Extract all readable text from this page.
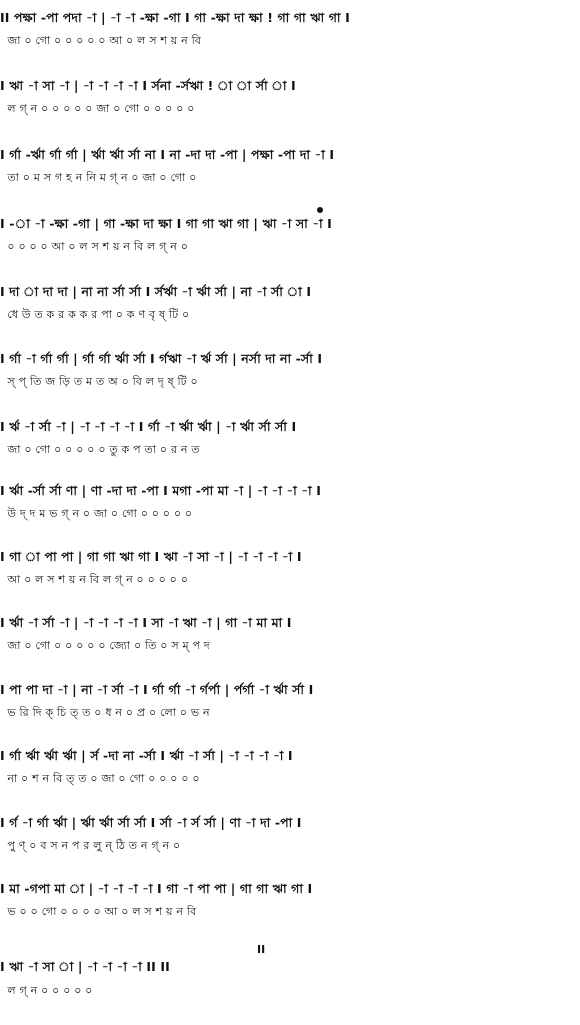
II পক্ষা -পা পদা -া | -া -া -ক্ষা -গা I গা -ক্ষা দা ক্ষা ! গা গা ঋা গা I
জা ০ গো ০ ০ ০ ০ ০ আ ০ ল স শ য় ন বি
I ঋা -া সা -া | -া -া -া -া I র্সনা -র্সঋা ! া া র্সা া I
ল গ্ ন ০ ০ ০ ০ ০ জা ০ গো ০ ০ ০ ০ ০
I র্গা -র্ঋা র্গা র্গা | র্ঋা র্ঋা র্সা না I না -দা দা -পা | পক্ষা -পা দা -া I
তা ০ ম স গ হ ন নি ম গ্ ন ০ জা ০ গো ০
I -া -া -ক্ষা -গা | গা -ক্ষা দা ক্ষা I গা গা ঋা গা | ঋা -া সা -া I
০ ০ ০ ০ আ ০ ল স শ য় ন বি ল গ্ ন ০
I দা া দা দা | না না র্সা র্সা I র্সর্ঋা -া র্ঋা র্সা | না -া র্সা া I
ধে উ ত ক র ক ক র পা ০ ক ণ বৃ ষ্ টি ০
I র্গা -া র্গা র্গা | র্গা র্গা র্ঋা র্সা I র্গঋা -া র্ঋ র্সা | নর্সা দা না -র্সা I
স্ প্ তি জ ড়ি ত ম ত অ ০ বি ল দৃ ষ্ টি ০
I র্ঋ -া র্সা -া | -া -া -া -া I র্গা -া র্ঋা র্ঋা | -া র্ঋা র্সা র্সা I
জা ০ গো ০ ০ ০ ০ ০ তু ক প তা ০ র ন ত
I র্ঋা -র্সা র্সা ণা | ণা -দা দা -পা I মগা -পা মা -া | -া -া -া -া I
উ দ্ দ ম ভ গ্ ন ০ জা ০ গো ০ ০ ০ ০ ০
I গা া পা পা | গা গা ঋা গা I ঋা -া সা -া | -া -া -া -া I
আ ০ ল স শ য় ন বি ল গ্ ন ০ ০ ০ ০ ০
I র্ঋা -া র্সা -া | -া -া -া -া I সা -া ঋা -া | গা -া মা মা I
জা ০ গো ০ ০ ০ ০ ০ জ্যো ০ তি ০ স ম্ প দ
I পা পা দা -া | না -া র্সা -া I র্গা র্গা -া র্গর্পা | র্পর্গা -া র্ঋা র্সা I
ভ রি দি ক্ চি ত্ ত ০ ধ ন ০ প্র ০ লো ০ ভ ন
I র্গা র্ঋা র্ঋা র্ঋা | র্স -দা না -র্সা I র্ঋা -া র্সা | -া -া -া -া I
না ০ শ ন বি ত্ ত ০ জা ০ গো ০ ০ ০ ০ ০
I র্গ -া র্গা র্ঋা | র্ঋা র্ঋা র্সা র্সা I র্সা -া র্স র্সা | ণা -া দা -পা I
পু ণ্ ০ ব স ন প র লু ন্ ঠি ত ন গ্ ন ০
I মা -গপা মা া | -া -া -া -া I গা -া পা পা | গা গা ঋা গা I
ভ ০ ০ গো ০ ০ ০ ০ আ ০ ল স শ য় ন বি
II
I ঋা -া সা া | -া -া -া -া II II
ল গ্ ন ০ ০ ০ ০ ০
